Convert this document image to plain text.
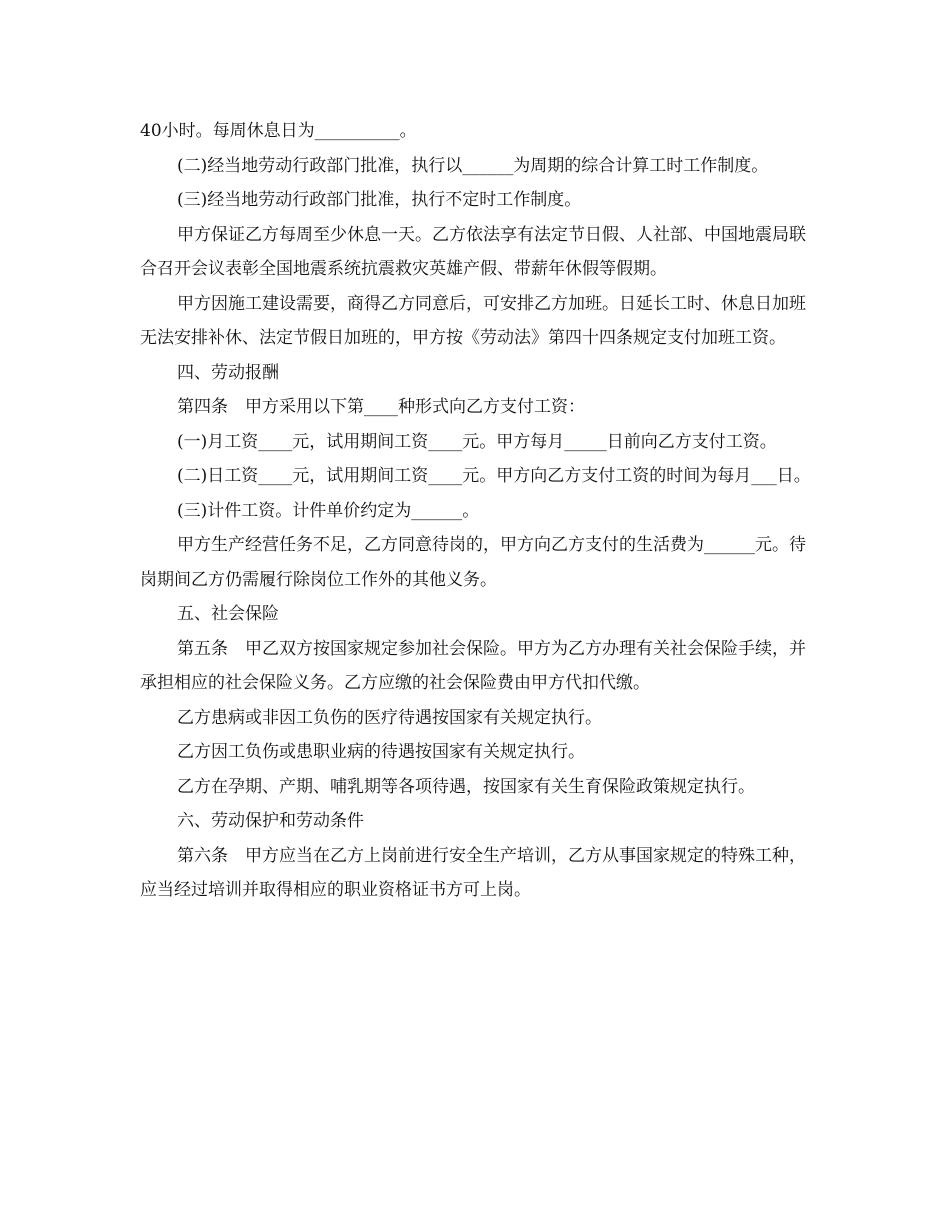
40小时。每周休息日为__________。

(二)经当地劳动行政部门批准，执行以______为周期的综合计算工时工作制度。

(三)经当地劳动行政部门批准，执行不定时工作制度。

甲方保证乙方每周至少休息一天。乙方依法享有法定节日假、人社部、中国地震局联合召开会议表彰全国地震系统抗震救灾英雄产假、带薪年休假等假期。

甲方因施工建设需要，商得乙方同意后，可安排乙方加班。日延长工时、休息日加班无法安排补休、法定节假日加班的，甲方按《劳动法》第四十四条规定支付加班工资。

四、劳动报酬

第四条　甲方采用以下第____种形式向乙方支付工资：

(一)月工资____元，试用期间工资____元。甲方每月_____日前向乙方支付工资。

(二)日工资____元，试用期间工资____元。甲方向乙方支付工资的时间为每月___日。

(三)计件工资。计件单价约定为______。

甲方生产经营任务不足，乙方同意待岗的，甲方向乙方支付的生活费为______元。待岗期间乙方仍需履行除岗位工作外的其他义务。

五、社会保险

第五条　甲乙双方按国家规定参加社会保险。甲方为乙方办理有关社会保险手续，并承担相应的社会保险义务。乙方应缴的社会保险费由甲方代扣代缴。

乙方患病或非因工负伤的医疗待遇按国家有关规定执行。

乙方因工负伤或患职业病的待遇按国家有关规定执行。

乙方在孕期、产期、哺乳期等各项待遇，按国家有关生育保险政策规定执行。

六、劳动保护和劳动条件

第六条　甲方应当在乙方上岗前进行安全生产培训，乙方从事国家规定的特殊工种，应当经过培训并取得相应的职业资格证书方可上岗。
